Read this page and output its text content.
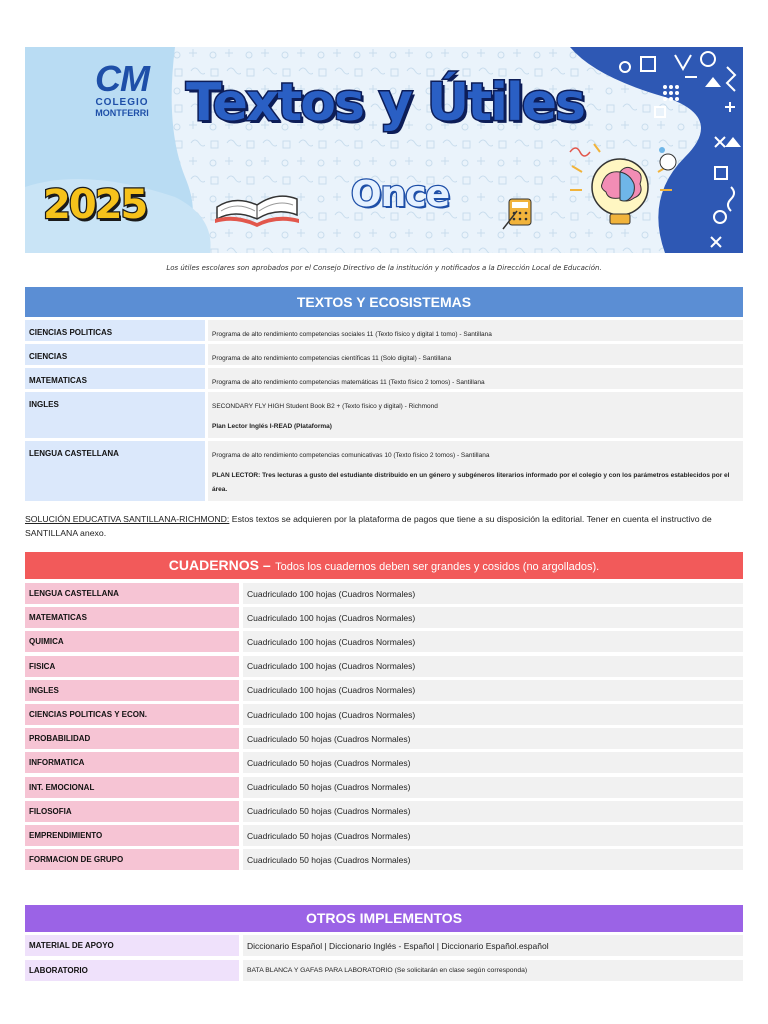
CM
COLEGIO
MONTFERRI Textos y Útiles
2025	Once
Los útiles escolares son aprobados por el Consejo Directivo de la institución y notificados a la Dirección Local de Educación.
TEXTOS Y ECOSISTEMAS
CIENCIAS POLITICAS	Programa de alto rendimiento competencias sociales 11 (Texto físico y digital 1 tomo) - Santillana
CIENCIAS	Programa de alto rendimiento competencias científicas 11 (Solo digital) - Santillana
MATEMATICAS	Programa de alto rendimiento competencias matemáticas 11 (Texto físico 2 tomos) - Santillana
INGLES	SECONDARY FLY HIGH Student Book B2 + (Texto físico y digital) - Richmond
Plan Lector Inglés I-READ (Plataforma)
LENGUA CASTELLANA	Programa de alto rendimiento competencias comunicativas 10 (Texto físico 2 tomos) - Santillana
PLAN LECTOR: Tres lecturas a gusto del estudiante distribuido en un género y subgéneros literarios informado por el colegio y con los parámetros establecidos por el área.
SOLUCIÓN EDUCATIVA SANTILLANA-RICHMOND: Estos textos se adquieren por la plataforma de pagos que tiene a su disposición la editorial. Tener en cuenta el instructivo de SANTILLANA anexo.
CUADERNOS – Todos los cuadernos deben ser grandes y cosidos (no argollados).
LENGUA CASTELLANA	Cuadriculado 100 hojas (Cuadros Normales)
MATEMATICAS	Cuadriculado 100 hojas (Cuadros Normales)
QUIMICA	Cuadriculado 100 hojas (Cuadros Normales)
FISICA	Cuadriculado 100 hojas (Cuadros Normales)
INGLES	Cuadriculado 100 hojas (Cuadros Normales)
CIENCIAS POLITICAS Y ECON.	Cuadriculado 100 hojas (Cuadros Normales)
PROBABILIDAD	Cuadriculado 50 hojas (Cuadros Normales)
INFORMATICA	Cuadriculado 50 hojas (Cuadros Normales)
INT. EMOCIONAL	Cuadriculado 50 hojas (Cuadros Normales)
FILOSOFIA	Cuadriculado 50 hojas (Cuadros Normales)
EMPRENDIMIENTO	Cuadriculado 50 hojas (Cuadros Normales)
FORMACION DE GRUPO	Cuadriculado 50 hojas (Cuadros Normales)
OTROS IMPLEMENTOS
MATERIAL DE APOYO	Diccionario Español | Diccionario Inglés - Español | Diccionario Español.español
LABORATORIO	BATA BLANCA Y GAFAS PARA LABORATORIO (Se solicitarán en clase según corresponda)
